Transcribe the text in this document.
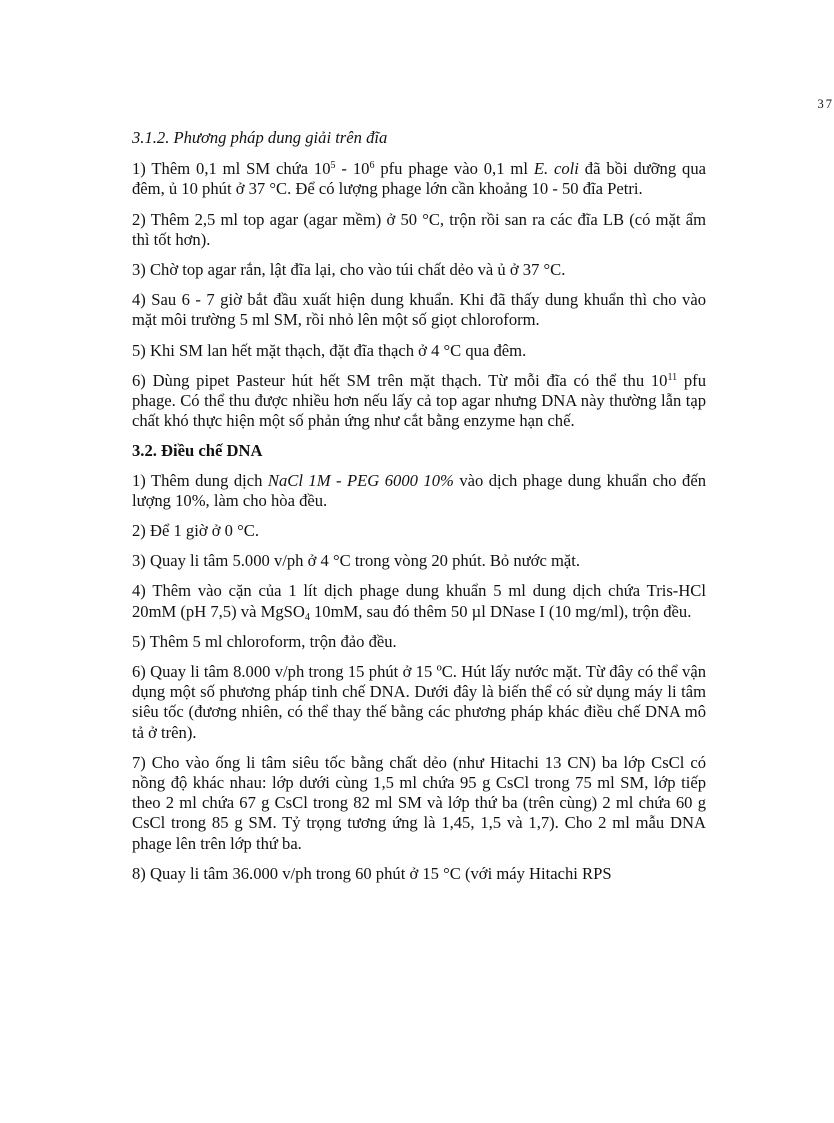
37
3.1.2. Phương pháp dung giải trên đĩa

1) Thêm 0,1 ml SM chứa $10^5 - 10^6$ pfu phage vào 0,1 ml E. coli đã bồi dưỡng qua đêm, ủ 10 phút ở 37 °C. Để có lượng phage lớn cần khoảng 10 - 50 đĩa Petri.

2) Thêm 2,5 ml top agar (agar mềm) ở 50 °C, trộn rồi san ra các đĩa LB (có mặt ẩm thì tốt hơn).

3) Chờ top agar rắn, lật đĩa lại, cho vào túi chất dẻo và ủ ở 37 °C.

4) Sau 6 - 7 giờ bắt đầu xuất hiện dung khuẩn. Khi đã thấy dung khuẩn thì cho vào mặt môi trường 5 ml SM, rồi nhỏ lên một số giọt chloroform.

5) Khi SM lan hết mặt thạch, đặt đĩa thạch ở 4 °C qua đêm.

6) Dùng pipet Pasteur hút hết SM trên mặt thạch. Từ mỗi đĩa có thể thu $10^{11}$ pfu phage. Có thể thu được nhiều hơn nếu lấy cả top agar nhưng DNA này thường lẫn tạp chất khó thực hiện một số phản ứng như cắt bằng enzyme hạn chế.

3.2. Điều chế DNA

1) Thêm dung dịch NaCl 1M - PEG 6000 10% vào dịch phage dung khuẩn cho đến lượng 10%, làm cho hòa đều.

2) Để 1 giờ ở 0 °C.

3) Quay li tâm 5.000 v/ph ở 4 °C trong vòng 20 phút. Bỏ nước mặt.

4) Thêm vào cặn của 1 lít dịch phage dung khuẩn 5 ml dung dịch chứa Tris-HCl 20mM (pH 7,5) và MgSO$_4$ 10mM, sau đó thêm 50 µl DNase I (10 mg/ml), trộn đều.

5) Thêm 5 ml chloroform, trộn đảo đều.

6) Quay li tâm 8.000 v/ph trong 15 phút ở 15 ºC. Hút lấy nước mặt. Từ đây có thể vận dụng một số phương pháp tinh chế DNA. Dưới đây là biến thể có sử dụng máy li tâm siêu tốc (đương nhiên, có thể thay thế bằng các phương pháp khác điều chế DNA mô tả ở trên).

7) Cho vào ống li tâm siêu tốc bằng chất dẻo (như Hitachi 13 CN) ba lớp CsCl có nồng độ khác nhau: lớp dưới cùng 1,5 ml chứa 95 g CsCl trong 75 ml SM, lớp tiếp theo 2 ml chứa 67 g CsCl trong 82 ml SM và lớp thứ ba (trên cùng) 2 ml chứa 60 g CsCl trong 85 g SM. Tỷ trọng tương ứng là 1,45, 1,5 và 1,7). Cho 2 ml mẫu DNA phage lên trên lớp thứ ba.

8) Quay li tâm 36.000 v/ph trong 60 phút ở 15 °C (với máy Hitachi RPS
